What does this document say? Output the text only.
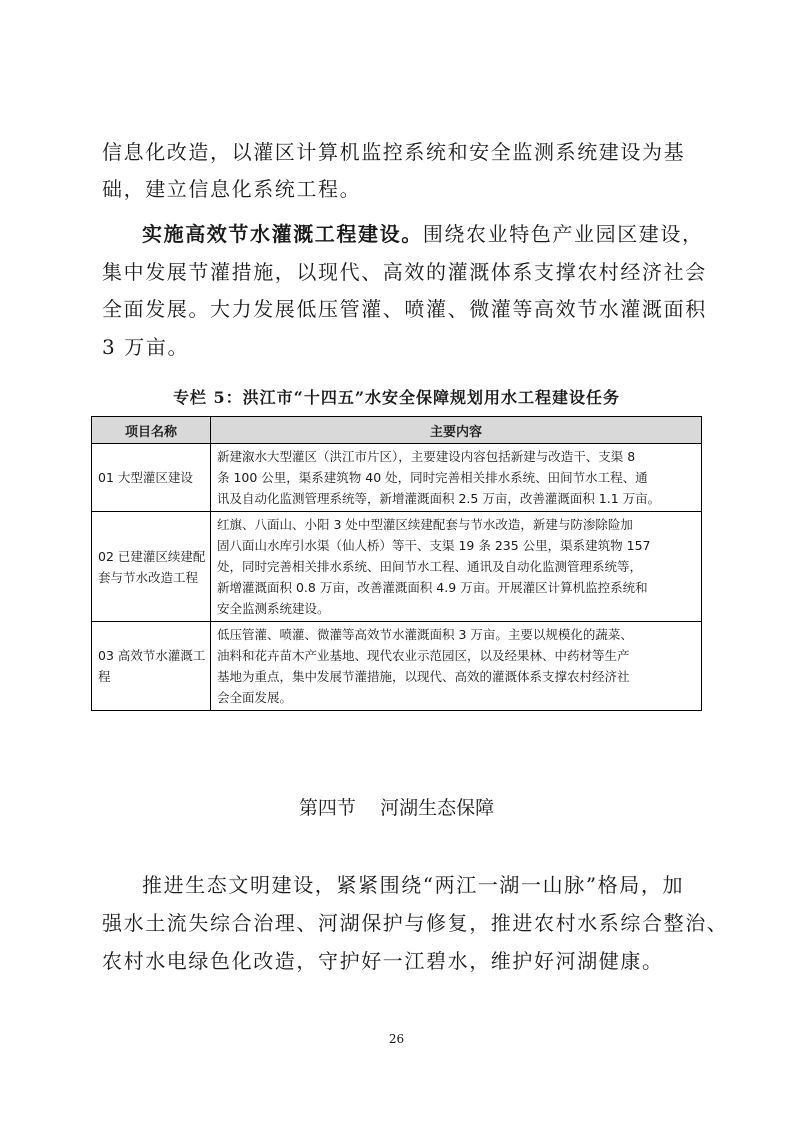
信息化改造，以灌区计算机监控系统和安全监测系统建设为基
础，建立信息化系统工程。
实施高效节水灌溉工程建设。围绕农业特色产业园区建设，
集中发展节灌措施，以现代、高效的灌溉体系支撑农村经济社会
全面发展。大力发展低压管灌、喷灌、微灌等高效节水灌溉面积
3 万亩。
专栏 5：洪江市“十四五”水安全保障规划用水工程建设任务
项目名称	主要内容

01 大型灌区建设	新建溆水大型灌区（洪江市片区），主要建设内容包括新建与改造干、支渠 8
条 100 公里，渠系建筑物 40 处，同时完善相关排水系统、田间节水工程、通
讯及自动化监测管理系统等，新增灌溉面积 2.5 万亩，改善灌溉面积 1.1 万亩。

02 已建灌区续建配
套与节水改造工程	红旗、八面山、小阳 3 处中型灌区续建配套与节水改造，新建与防渗除险加
固八面山水库引水渠（仙人桥）等干、支渠 19 条 235 公里，渠系建筑物 157
处，同时完善相关排水系统、田间节水工程、通讯及自动化监测管理系统等，
新增灌溉面积 0.8 万亩，改善灌溉面积 4.9 万亩。开展灌区计算机监控系统和
安全监测系统建设。

03 高效节水灌溉工
程	低压管灌、喷灌、微灌等高效节水灌溉面积 3 万亩。主要以规模化的蔬菜、
油料和花卉苗木产业基地、现代农业示范园区，以及经果林、中药材等生产
基地为重点，集中发展节灌措施，以现代、高效的灌溉体系支撑农村经济社
会全面发展。
第四节    河湖生态保障
推进生态文明建设，紧紧围绕“两江一湖一山脉”格局，加
强水土流失综合治理、河湖保护与修复，推进农村水系综合整治、
农村水电绿色化改造，守护好一江碧水，维护好河湖健康。
26
